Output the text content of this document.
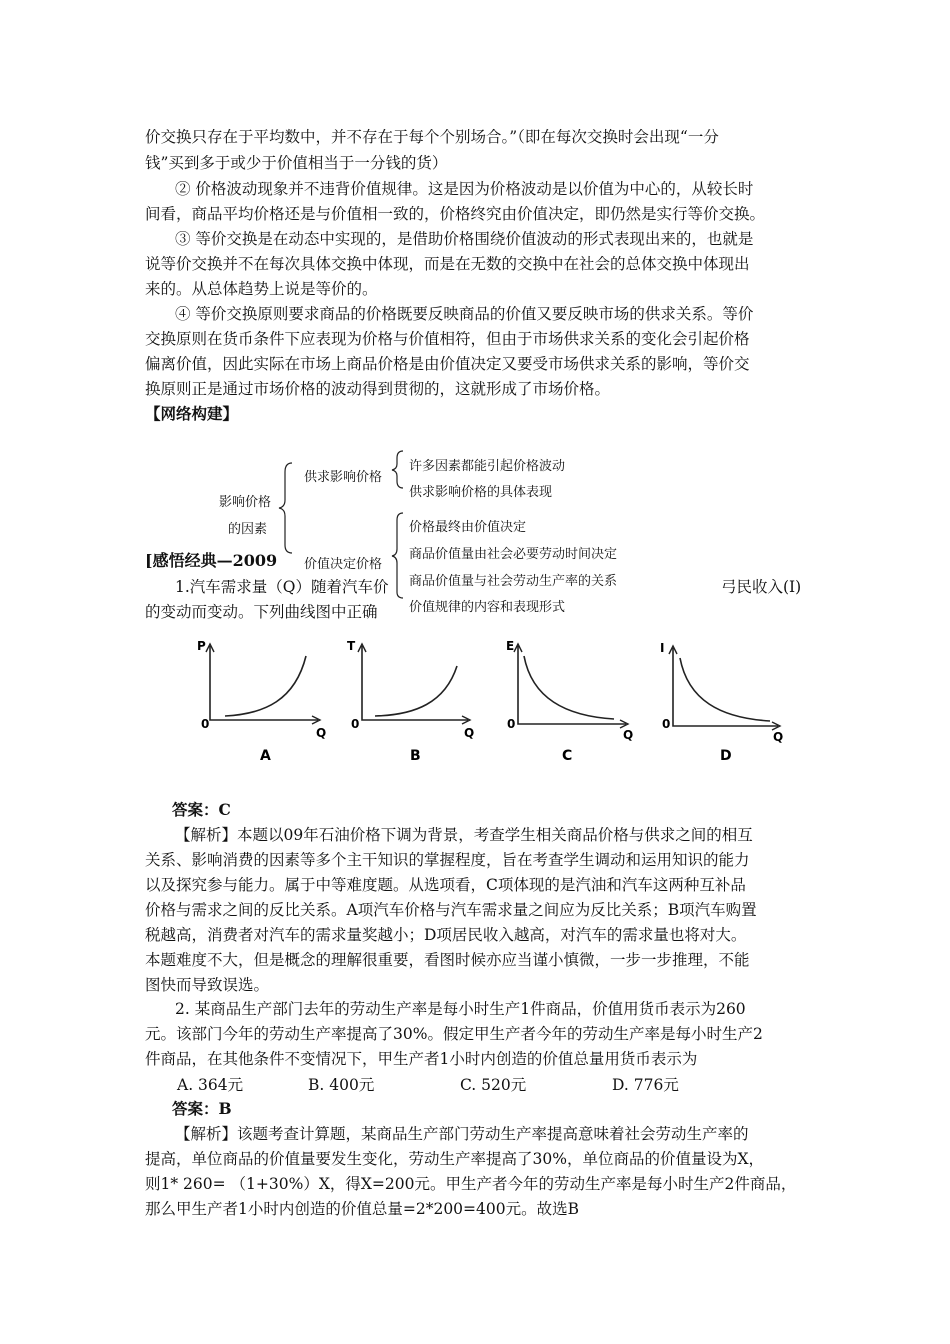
价交换只存在于平均数中，并不存在于每个个别场合。”（即在每次交换时会出现“一分
钱”买到多于或少于价值相当于一分钱的货）
② 价格波动现象并不违背价值规律。这是因为价格波动是以价值为中心的，从较长时
间看，商品平均价格还是与价值相一致的，价格终究由价值决定，即仍然是实行等价交换。
③ 等价交换是在动态中实现的，是借助价格围绕价值波动的形式表现出来的，也就是
说等价交换并不在每次具体交换中体现，而是在无数的交换中在社会的总体交换中体现出
来的。从总体趋势上说是等价的。
④ 等价交换原则要求商品的价格既要反映商品的价值又要反映市场的供求关系。等价
交换原则在货币条件下应表现为价格与价值相符，但由于市场供求关系的变化会引起价格
偏离价值，因此实际在市场上商品价格是由价值决定又要受市场供求关系的影响，等价交
换原则正是通过市场价格的波动得到贯彻的，这就形成了市场价格。
【网络构建】
影响价格
的因素
供求影响价格
价值决定价格
许多因素都能引起价格波动
供求影响价格的具体表现
价格最终由价值决定
商品价值量由社会必要劳动时间决定
商品价值量与社会劳动生产率的关系
价值规律的内容和表现形式
[感悟经典—2009
1.汽车需求量（Q）随着汽车价	弓民收入(I)
的变动而变动。下列曲线图中正确
P
0
Q
A
T
0
Q
B
E
0
Q
C
I
0
Q
D
答案：C
【解析】本题以09年石油价格下调为背景，考查学生相关商品价格与供求之间的相互
关系、影响消费的因素等多个主干知识的掌握程度，旨在考查学生调动和运用知识的能力
以及探究参与能力。属于中等难度题。从选项看，C项体现的是汽油和汽车这两种互补品
价格与需求之间的反比关系。A项汽车价格与汽车需求量之间应为反比关系；B项汽车购置
税越高，消费者对汽车的需求量奖越小；D项居民收入越高，对汽车的需求量也将对大。
本题难度不大，但是概念的理解很重要，看图时候亦应当谨小慎微，一步一步推理，不能
图快而导致误选。
2. 某商品生产部门去年的劳动生产率是每小时生产1件商品，价值用货币表示为260
元。该部门今年的劳动生产率提高了30%。假定甲生产者今年的劳动生产率是每小时生产2
件商品，在其他条件不变情况下，甲生产者1小时内创造的价值总量用货币表示为
A. 364元	B. 400元	C. 520元	D. 776元
答案：B
【解析】该题考查计算题，某商品生产部门劳动生产率提高意味着社会劳动生产率的
提高，单位商品的价值量要发生变化，劳动生产率提高了30%，单位商品的价值量设为X，
则1* 260= （1+30%）X，得X=200元。甲生产者今年的劳动生产率是每小时生产2件商品，
那么甲生产者1小时内创造的价值总量=2*200=400元。故选B
